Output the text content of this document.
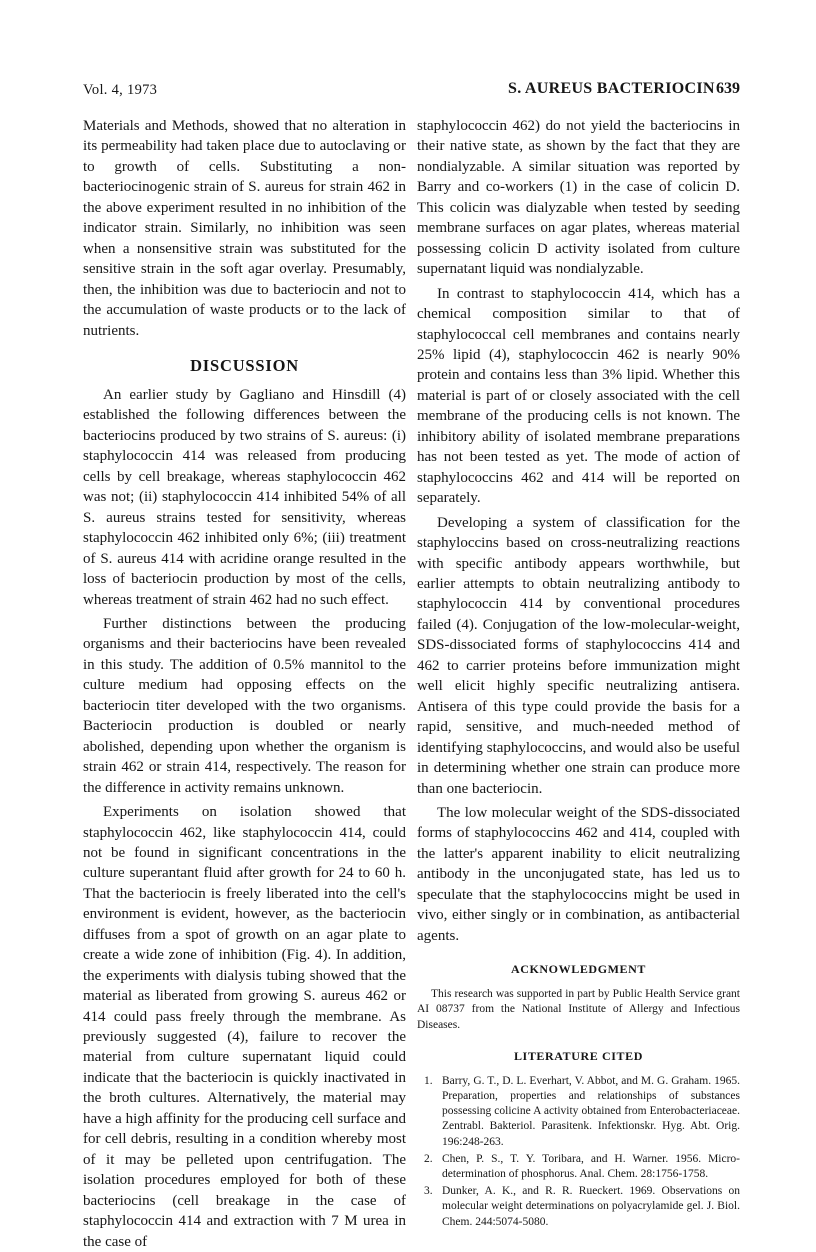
Vol. 4, 1973	S. AUREUS BACTERIOCIN 639

Materials and Methods, showed that no alteration in its permeability had taken place due to autoclaving or to growth of cells. Substituting a non-bacteriocinogenic strain of S. aureus for strain 462 in the above experiment resulted in no inhibition of the indicator strain. Similarly, no inhibition was seen when a nonsensitive strain was substituted for the sensitive strain in the soft agar overlay. Presumably, then, the inhibition was due to bacteriocin and not to the accumulation of waste products or to the lack of nutrients.

DISCUSSION

An earlier study by Gagliano and Hinsdill (4) established the following differences between the bacteriocins produced by two strains of S. aureus: (i) staphylococcin 414 was released from producing cells by cell breakage, whereas staphylococcin 462 was not; (ii) staphylococcin 414 inhibited 54% of all S. aureus strains tested for sensitivity, whereas staphylococcin 462 inhibited only 6%; (iii) treatment of S. aureus 414 with acridine orange resulted in the loss of bacteriocin production by most of the cells, whereas treatment of strain 462 had no such effect.

Further distinctions between the producing organisms and their bacteriocins have been revealed in this study. The addition of 0.5% mannitol to the culture medium had opposing effects on the bacteriocin titer developed with the two organisms. Bacteriocin production is doubled or nearly abolished, depending upon whether the organism is strain 462 or strain 414, respectively. The reason for the difference in activity remains unknown.

Experiments on isolation showed that staphylococcin 462, like staphylococcin 414, could not be found in significant concentrations in the culture superantant fluid after growth for 24 to 60 h. That the bacteriocin is freely liberated into the cell's environment is evident, however, as the bacteriocin diffuses from a spot of growth on an agar plate to create a wide zone of inhibition (Fig. 4). In addition, the experiments with dialysis tubing showed that the material as liberated from growing S. aureus 462 or 414 could pass freely through the membrane. As previously suggested (4), failure to recover the material from culture supernatant liquid could indicate that the bacteriocin is quickly inactivated in the broth cultures. Alternatively, the material may have a high affinity for the producing cell surface and for cell debris, resulting in a condition whereby most of it may be pelleted upon centrifugation. The isolation procedures employed for both of these bacteriocins (cell breakage in the case of staphylococcin 414 and extraction with 7 M urea in the case of

staphylococcin 462) do not yield the bacteriocins in their native state, as shown by the fact that they are nondialyzable. A similar situation was reported by Barry and co-workers (1) in the case of colicin D. This colicin was dialyzable when tested by seeding membrane surfaces on agar plates, whereas material possessing colicin D activity isolated from culture supernatant liquid was nondialyzable.

In contrast to staphylococcin 414, which has a chemical composition similar to that of staphylococcal cell membranes and contains nearly 25% lipid (4), staphylococcin 462 is nearly 90% protein and contains less than 3% lipid. Whether this material is part of or closely associated with the cell membrane of the producing cells is not known. The inhibitory ability of isolated membrane preparations has not been tested as yet. The mode of action of staphylococcins 462 and 414 will be reported on separately.

Developing a system of classification for the staphyloccins based on cross-neutralizing reactions with specific antibody appears worthwhile, but earlier attempts to obtain neutralizing antibody to staphylococcin 414 by conventional procedures failed (4). Conjugation of the low-molecular-weight, SDS-dissociated forms of staphylococcins 414 and 462 to carrier proteins before immunization might well elicit highly specific neutralizing antisera. Antisera of this type could provide the basis for a rapid, sensitive, and much-needed method of identifying staphylococcins, and would also be useful in determining whether one strain can produce more than one bacteriocin.

The low molecular weight of the SDS-dissociated forms of staphylococcins 462 and 414, coupled with the latter's apparent inability to elicit neutralizing antibody in the unconjugated state, has led us to speculate that the staphylococcins might be used in vivo, either singly or in combination, as antibacterial agents.

ACKNOWLEDGMENT

This research was supported in part by Public Health Service grant AI 08737 from the National Institute of Allergy and Infectious Diseases.

LITERATURE CITED
1. Barry, G. T., D. L. Everhart, V. Abbot, and M. G. Graham. 1965. Preparation, properties and relationships of substances possessing colicine A activity obtained from Enterobacteriaceae. Zentrabl. Bakteriol. Parasitenk. Infektionskr. Hyg. Abt. Orig. 196:248-263.
2. Chen, P. S., T. Y. Toribara, and H. Warner. 1956. Micro-determination of phosphorus. Anal. Chem. 28:1756-1758.
3. Dunker, A. K., and R. R. Rueckert. 1969. Observations on molecular weight determinations on polyacrylamide gel. J. Biol. Chem. 244:5074-5080.
